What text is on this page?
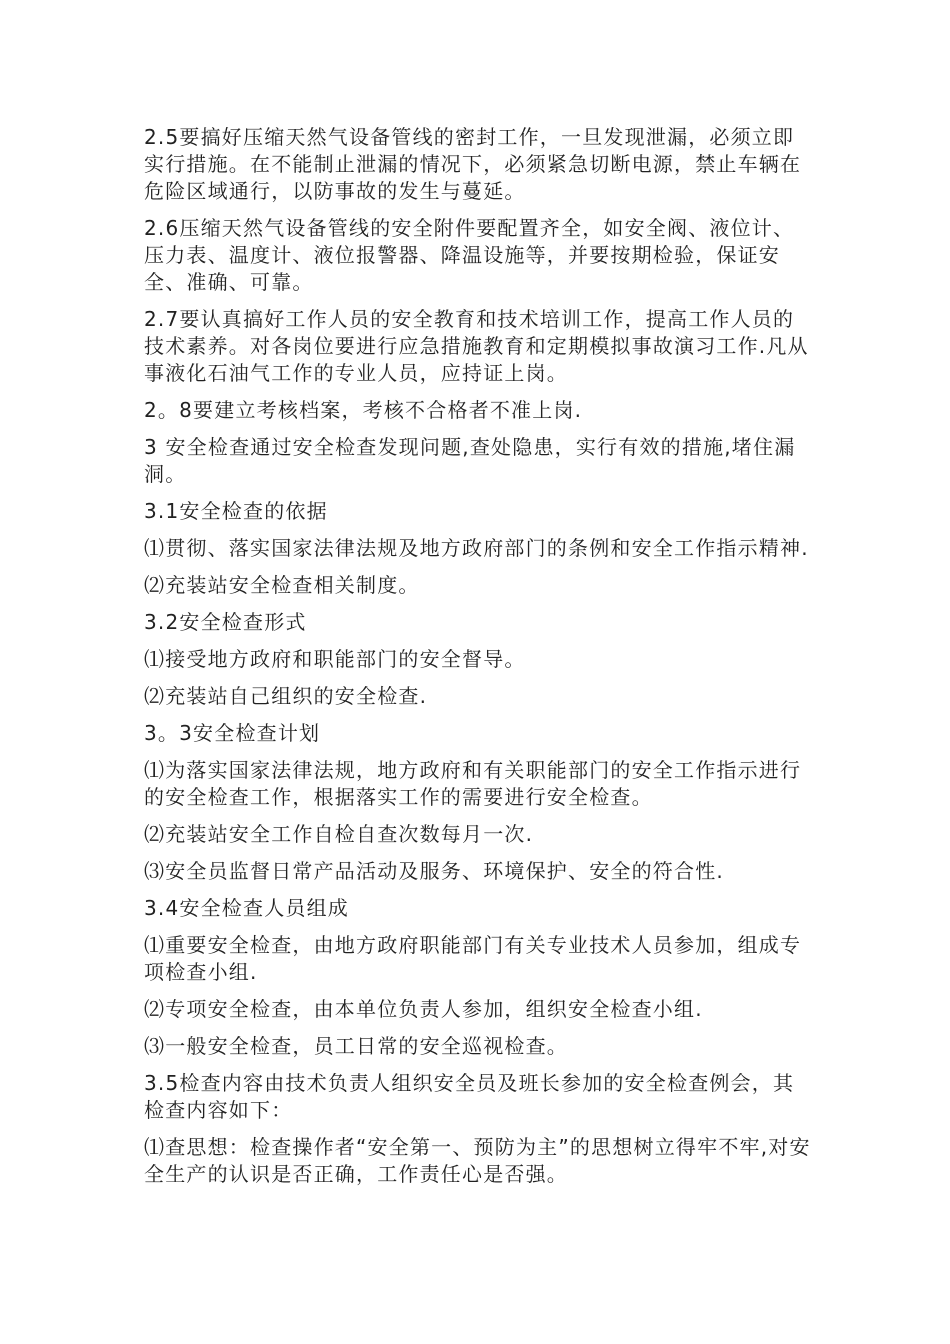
2.5要搞好压缩天然气设备管线的密封工作，一旦发现泄漏，必须立即实行措施。在不能制止泄漏的情况下，必须紧急切断电源，禁止车辆在危险区域通行，以防事故的发生与蔓延。

2.6压缩天然气设备管线的安全附件要配置齐全，如安全阀、液位计、压力表、温度计、液位报警器、降温设施等，并要按期检验，保证安全、准确、可靠。

2.7要认真搞好工作人员的安全教育和技术培训工作，提高工作人员的技术素养。对各岗位要进行应急措施教育和定期模拟事故演习工作.凡从事液化石油气工作的专业人员，应持证上岗。

2。8要建立考核档案，考核不合格者不准上岗.

3 安全检查通过安全检查发现问题,查处隐患，实行有效的措施,堵住漏洞。

3.1安全检查的依据

⑴贯彻、落实国家法律法规及地方政府部门的条例和安全工作指示精神.

⑵充装站安全检查相关制度。

3.2安全检查形式

⑴接受地方政府和职能部门的安全督导。

⑵充装站自己组织的安全检查.

3。3安全检查计划

⑴为落实国家法律法规，地方政府和有关职能部门的安全工作指示进行的安全检查工作，根据落实工作的需要进行安全检查。

⑵充装站安全工作自检自查次数每月一次.

⑶安全员监督日常产品活动及服务、环境保护、安全的符合性.

3.4安全检查人员组成

⑴重要安全检查，由地方政府职能部门有关专业技术人员参加，组成专项检查小组.

⑵专项安全检查，由本单位负责人参加，组织安全检查小组.

⑶一般安全检查，员工日常的安全巡视检查。

3.5检查内容由技术负责人组织安全员及班长参加的安全检查例会，其检查内容如下：

⑴查思想：检查操作者“安全第一、预防为主”的思想树立得牢不牢,对安全生产的认识是否正确，工作责任心是否强。
